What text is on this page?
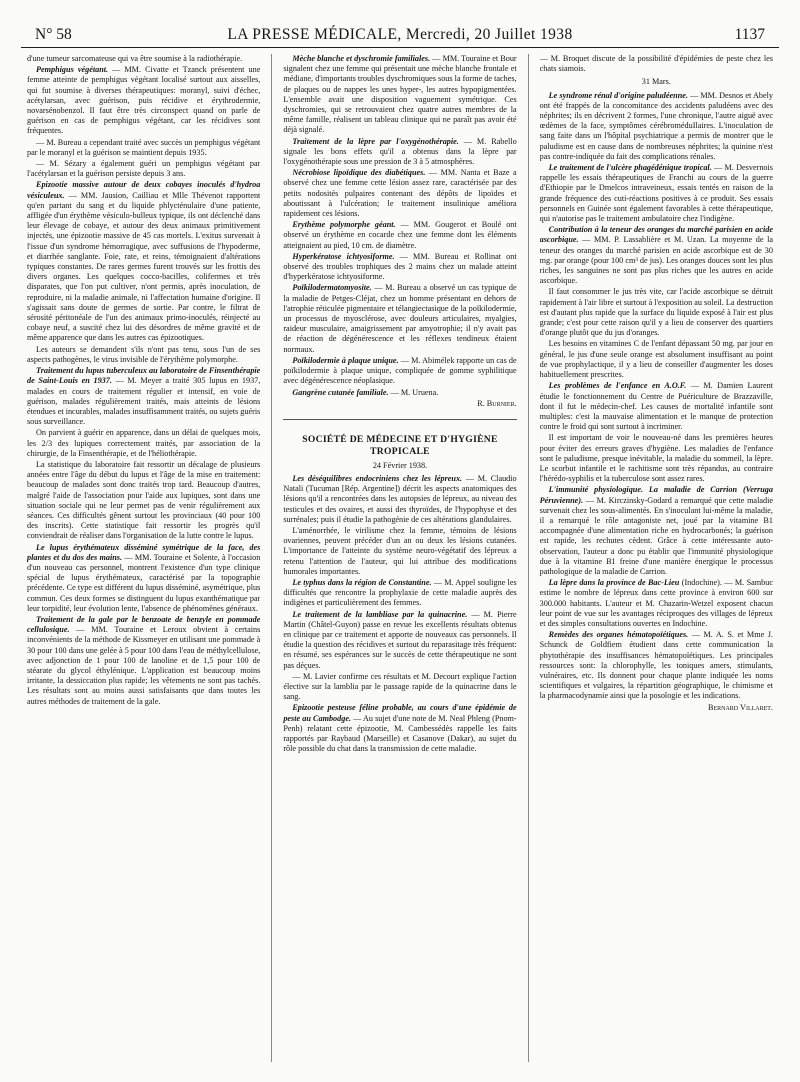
N° 58	LA PRESSE MÉDICALE, Mercredi, 20 Juillet 1938	1137

d'une tumeur sarcomateuse qui va être soumise à la radiothérapie.

Pemphigus végétant. — MM. Civatte et Tzanck présentent une femme atteinte de pemphigus végétant localisé surtout aux aisselles, qui fut soumise à diverses thérapeutiques: moranyl, suivi d'échec, acétylarsan, avec guérison, puis récidive et érythrodermie, novarsénobenzol. Il faut être très circonspect quand on parle de guérison en cas de pemphigus végétant, car les récidives sont fréquentes.

— M. Bureau a cependant traité avec succès un pemphigus végétant par le moranyl et la guérison se maintient depuis 1935.

— M. Sézary a également guéri un pemphigus végétant par l'acétylarsan et la guérison persiste depuis 3 ans.

Epizootie massive autour de deux cobayes inoculés d'hydroa vésiculeux. — MM. Jausion, Cailliau et Mlle Thévenot rapportent qu'en partant du sang et du liquide phlycténulaire d'une patiente, affligée d'un érythème vésiculo-bulleux typique, ils ont déclenché dans leur élevage de cobaye, et autour des deux animaux primitivement injectés, une épizootie massive de 45 cas mortels. L'exitus survenait à l'issue d'un syndrome hémorragique, avec suffusions de l'hypoderme, et diarrhée sanglante. Foie, rate, et reins, témoignaient d'altérations typiques constantes. De rares germes furent trouvés sur les frottis des divers organes. Les quelques cocco-bacilles, colifermes et très disparates, que l'on put cultiver, n'ont permis, après inoculation, de reproduire, ni la maladie animale, ni l'affectation humaine d'origine. Il s'agissait sans doute de germes de sortie. Par contre, le filtrat de sérosité péritonéale de l'un des animaux primo-inoculés, réinjecté au cobaye neuf, a suscité chez lui des désordres de même gravité et de même apparence que dans les autres cas épizootiques.

Les auteurs se demandent s'ils n'ont pas tenu, sous l'un de ses aspects pathogènes, le virus invisible de l'érythème polymorphe.

Traitement du lupus tuberculeux au laboratoire de Finsenthérapie de Saint-Louis en 1937. — M. Meyer a traité 305 lupus en 1937, malades en cours de traitement régulier et intensif, en voie de guérison, malades régulièrement traités, mais atteints de lésions étendues et incurables, malades insuffisamment traités, ou sujets guéris sous surveillance.

On parvient à guérir en apparence, dans un délai de quelques mois, les 2/3 des lupiques correctement traités, par association de la chirurgie, de la Finsenthérapie, et de l'héliothérapie.

La statistique du laboratoire fait ressortir un décalage de plusieurs années entre l'âge du début du lupus et l'âge de la mise en traitement: beaucoup de malades sont donc traités trop tard. Beaucoup d'autres, malgré l'aide de l'association pour l'aide aux lupiques, sont dans une situation sociale qui ne leur permet pas de venir régulièrement aux séances. Ces difficultés gênent surtout les provinciaux (40 pour 100 des inscrits). Cette statistique fait ressortir les progrès qu'il conviendrait de réaliser dans l'organisation de la lutte contre le lupus.

Le lupus érythémateux disséminé symétrique de la face, des plantes et du dos des mains. — MM. Touraine et Solente, à l'occasion d'un nouveau cas personnel, montrent l'existence d'un type clinique spécial de lupus érythémateux, caractérisé par la topographie précédente. Ce type est différent du lupus disséminé, asymétrique, plus commun. Ces deux formes se distinguent du lupus exanthématique par leur torpidité, leur évolution lente, l'absence de phénomènes généraux.

Traitement de la gale par le benzoate de benzyle en pommade cellulosique. — MM. Touraine et Leroux obvient à certains inconvénients de la méthode de Kissmeyer en utilisant une pommade à 30 pour 100 dans une gelée à 5 pour 100 dans l'eau de méthylcellulose, avec adjonction de 1 pour 100 de lanoline et de 1,5 pour 100 de stéarate du glycol éthylénique. L'application est beaucoup moins irritante, la dessiccation plus rapide; les vêtements ne sont pas tachés. Les résultats sont au moins aussi satisfaisants que dans toutes les autres méthodes de traitement de la gale.

Mèche blanche et dyschromie familiales. — MM. Touraine et Bour signalent chez une femme qui présentait une mèche blanche frontale et médiane, d'importants troubles dyschromiques sous la forme de taches, de plaques ou de nappes les unes hyper-, les autres hypopigmentées. L'ensemble avait une disposition vaguement symétrique. Ces dyschromies, qui se retrouvaient chez quatre autres membres de la même famille, réalisent un tableau clinique qui ne paraît pas avoir été déjà signalé.

Traitement de la lèpre par l'oxygénothérapie. — M. Rabello signale les bons effets qu'il a obtenus dans la lèpre par l'oxygénothérapie sous une pression de 3 à 5 atmosphères.

Nécrobiose lipoïdique des diabétiques. — MM. Nanta et Baze a observé chez une femme cette lésion assez rare, caractérisée par des petits nodosités pulpaires contenant des dépôts de lipoïdes et aboutissant à l'ulcération; le traitement insulinique améliora rapidement ces lésions.

Erythème polymorphe géant. — MM. Gougerot et Boulé ont observé un érythème en cocarde chez une femme dont les éléments atteignaient au pied, 10 cm. de diamètre.

Hyperkératose ichtyosiforme. — MM. Bureau et Rollinat ont observé des troubles trophiques des 2 mains chez un malade atteint d'hyperkératose ichtyosiforme.

Poïkilodermatomyosite. — M. Bureau a observé un cas typique de la maladie de Petges-Cléjat, chez un homme présentant en dehors de l'atrophie réticulée pigmentaire et télangiectasique de la poïkilodermie, un processus de myosclérose, avec douleurs articulaires, myalgies, raideur musculaire, amaigrissement par amyotrophie; il n'y avait pas de réaction de dégénérescence et les réflexes tendineux étaient normaux.

Poïkilodermie à plaque unique. — M. Abimélek rapporte un cas de poïkilodermie à plaque unique, compliquée de gomme syphilitique avec dégénérescence néoplasique.

Gangrène cutanée familiale. — M. Uruena.

R. Burnier.

SOCIÉTÉ DE MÉDECINE ET D'HYGIÈNE TROPICALE

24 Février 1938.

Les déséquilibres endocriniens chez les lépreux. — M. Claudio Natali (Tucuman [Rép. Argentine]) décrit les aspects anatomiques des lésions qu'il a rencontrées dans les autopsies de lépreux, au niveau des testicules et des ovaires, et aussi des thyroïdes, de l'hypophyse et des surrénales; puis il étudie la pathogénie de ces altérations glandulaires.

L'aménorrhée, le virilisme chez la femme, témoins de lésions ovariennes, peuvent précéder d'un an ou deux les lésions cutanées. L'importance de l'atteinte du système neuro-végétatif des lépreux a retenu l'attention de l'auteur, qui lui attribue des modifications humorales importantes.

Le typhus dans la région de Constantine. — M. Appel souligne les difficultés que rencontre la prophylaxie de cette maladie auprès des indigènes et particulièrement des femmes.

Le traitement de la lambliase par la quinacrine. — M. Pierre Martin (Châtel-Guyon) passe en revue les excellents résultats obtenus en clinique par ce traitement et apporte de nouveaux cas personnels. Il étudie la question des récidives et surtout du reparasitage très fréquent: en résumé, ses espérances sur le succès de cette thérapeutique ne sont pas déçues.

— M. Lavier confirme ces résultats et M. Decourt explique l'action élective sur la lamblia par le passage rapide de la quinacrine dans le sang.

Epizootie pesteuse féline probable, au cours d'une épidémie de peste au Cambodge. — Au sujet d'une note de M. Neal Phleng (Pnom-Penh) relatant cette épizootie, M. Cambessédès rappelle les faits rapportés par Raybaud (Marseille) et Casanove (Dakar), au sujet du rôle possible du chat dans la transmission de cette maladie.

— M. Broquet discute de la possibilité d'épidémies de peste chez les chats siamois.

31 Mars.

Le syndrome rénal d'origine paludéenne. — MM. Desnos et Abely ont été frappés de la concomitance des accidents paludéens avec des néphrites; ils en décrivent 2 formes, l'une chronique, l'autre aiguë avec œdèmes de la face, symptômes cérébroméduIlaires. L'inoculation de sang faite dans un l'hôpital psychiatrique a permis de montrer que le paludisme est en cause dans de nombreuses néphrites; la quinine n'est pas contre-indiquée du fait des complications rénales.

Le traitement de l'ulcère phagédénique tropical. — M. Desvernois rappelle les essais thérapeutiques de Franchi au cours de la guerre d'Ethiopie par le Dmelcos intraveineux, essais tentés en raison de la grande fréquence des cuti-réactions positives à ce produit. Ses essais personnels en Guinée sont également favorables à cette thérapeutique, qui n'autorise pas le traitement ambulatoire chez l'indigène.

Contribution à la teneur des oranges du marché parisien en acide ascorbique. — MM. P. Lassablière et M. Uzan. La moyenne de la teneur des oranges du marché parisien en acide ascorbique est de 30 mg. par orange (pour 100 cm³ de jus). Les oranges douces sont les plus riches, les sanguines ne sont pas plus riches que les autres en acide ascorbique.

Il faut consommer le jus très vite, car l'acide ascorbique se détruit rapidement à l'air libre et surtout à l'exposition au soleil. La destruction est d'autant plus rapide que la surface du liquide exposé à l'air est plus grande; c'est pour cette raison qu'il y a lieu de conserver des quartiers d'orange plutôt que du jus d'oranges.

Les besoins en vitamines C de l'enfant dépassant 50 mg. par jour en général, le jus d'une seule orange est absolument insuffisant au point de vue prophylactique, il y a lieu de conseiller d'augmenter les doses habituellement prescrites.

Les problèmes de l'enfance en A.O.F. — M. Damien Laurent étudie le fonctionnement du Centre de Puériculture de Brazzaville, dont il fut le médecin-chef. Les causes de mortalité infantile sont multiples: c'est la mauvaise alimentation et le manque de protection contre le froid qui sont surtout à incriminer.

Il est important de voir le nouveau-né dans les premières heures pour éviter des erreurs graves d'hygiène. Les maladies de l'enfance sont le paludisme, presque inévitable, la maladie du sommeil, la lèpre. Le scorbut infantile et le rachitisme sont très répandus, au contraire l'hérédo-syphilis et la tuberculose sont assez rares.

L'immunité physiologique. La maladie de Carrion (Verruga Péruvienne). — M. Kirczinsky-Godard a remarqué que cette maladie survenait chez les sous-alimentés. En s'inoculant lui-même la maladie, il a remarqué le rôle antagoniste net, joué par la vitamine B1 accompagnée d'une alimentation riche en hydrocarbonés; la guérison est rapide, les rechutes cèdent. Grâce à cette intéressante auto-observation, l'auteur a donc pu établir que l'immunité physiologique due à la vitamine B1 freine d'une manière énergique le processus pathologique de la maladie de Carrion.

La lèpre dans la province de Bac-Lieu (Indochine). — M. Sambuc estime le nombre de lépreux dans cette province à environ 600 sur 300.000 habitants. L'auteur et M. Chazarin-Wetzel exposent chacun leur point de vue sur les avantages réciproques des villages de lépreux et des simples consultations ouvertes en Indochine.

Remèdes des organes hématopoïétiques. — M. A. S. et Mme J. Schunck de Goldfiem étudient dans cette communication la phytothérapie des insuffisances hématopoïétiques. Les principales ressources sont: la chlorophylle, les toniques amers, stimulants, vulnéraires, etc. Ils donnent pour chaque plante indiquée les noms scientifiques et vulgaires, la répartition géographique, le chimisme et la pharmacodynamie ainsi que la posologie et les indications.

Bernard Villaret.
